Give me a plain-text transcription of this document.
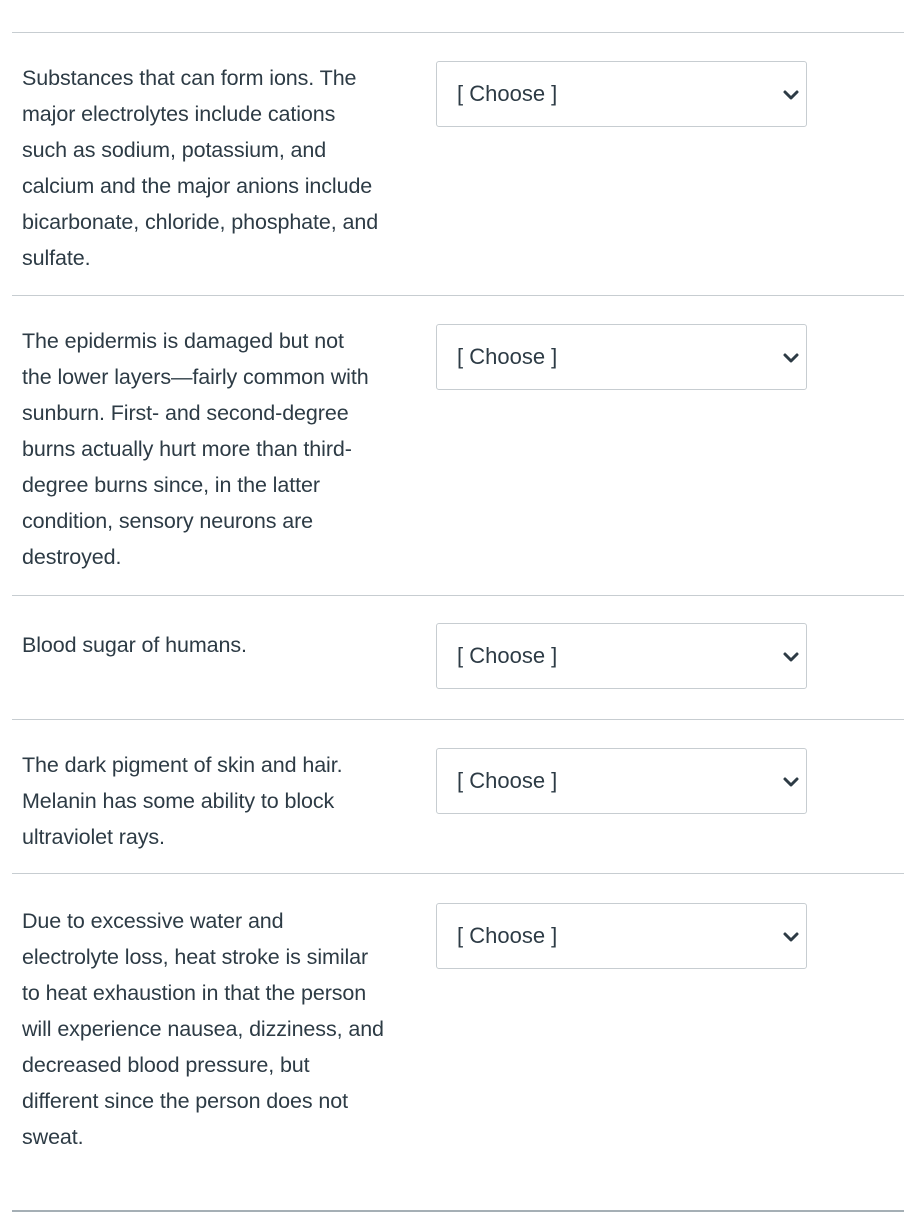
Substances that can form ions. The
major electrolytes include cations
such as sodium, potassium, and
calcium and the major anions include
bicarbonate, chloride, phosphate, and
sulfate.
[ Choose ]
The epidermis is damaged but not
the lower layers—fairly common with
sunburn. First- and second-degree
burns actually hurt more than third-
degree burns since, in the latter
condition, sensory neurons are
destroyed.
[ Choose ]
Blood sugar of humans.	[ Choose ]
The dark pigment of skin and hair.
Melanin has some ability to block
ultraviolet rays.
[ Choose ]
Due to excessive water and
electrolyte loss, heat stroke is similar
to heat exhaustion in that the person
will experience nausea, dizziness, and
decreased blood pressure, but
different since the person does not
sweat.
[ Choose ]
